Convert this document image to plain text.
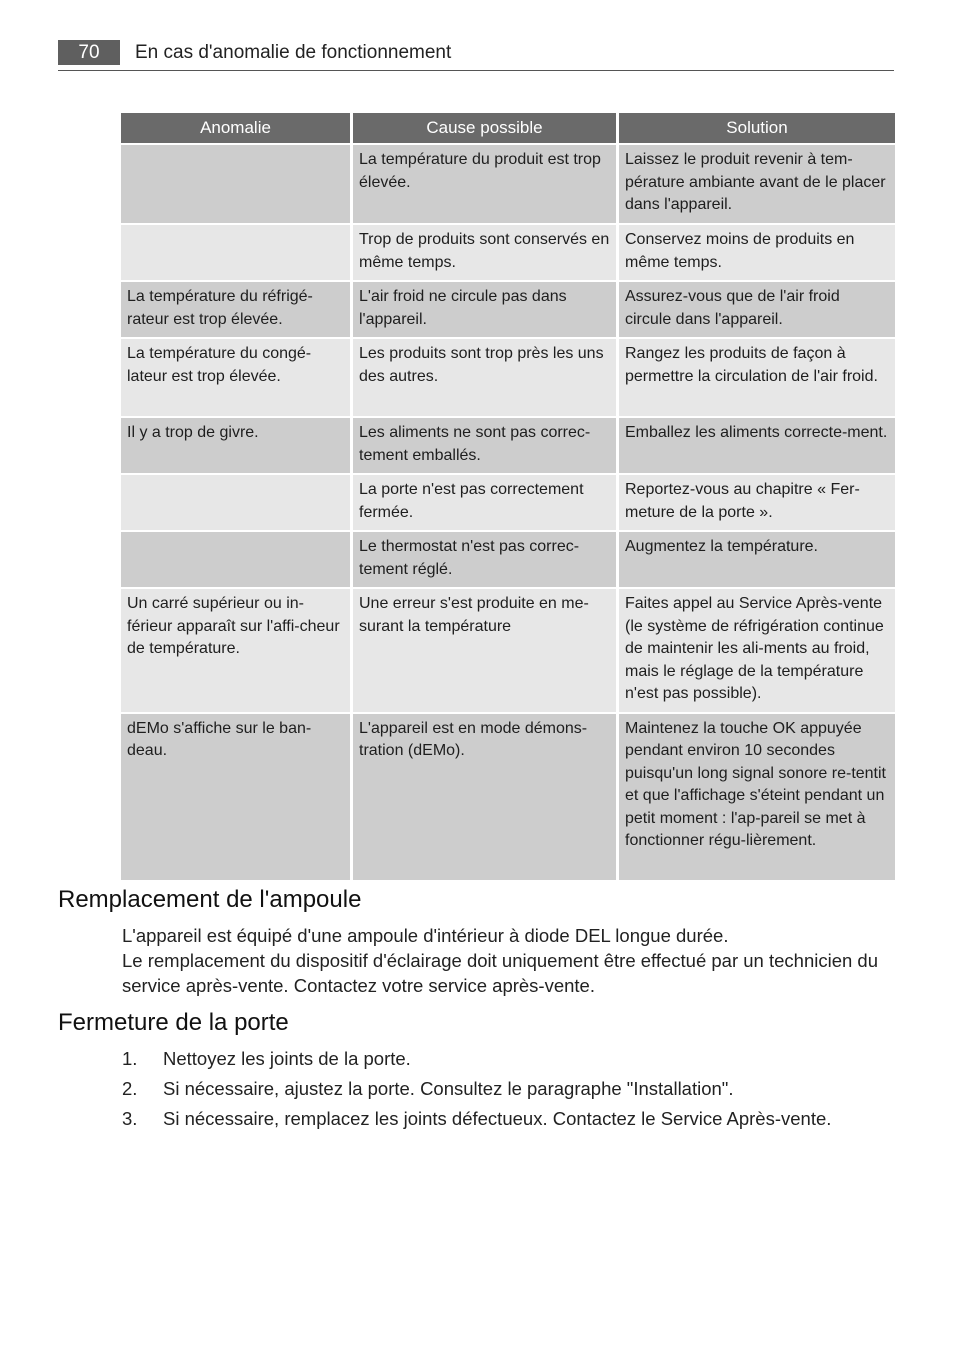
70	En cas d'anomalie de fonctionnement
Anomalie	Cause possible	Solution
	La température du produit est trop élevée.	Laissez le produit revenir à tem-pérature ambiante avant de le placer dans l'appareil.
	Trop de produits sont conservés en même temps.	Conservez moins de produits en même temps.
La température du réfrigé-rateur est trop élevée.	L'air froid ne circule pas dans l'appareil.	Assurez-vous que de l'air froid circule dans l'appareil.
La température du congé-lateur est trop élevée.	Les produits sont trop près les uns des autres.	Rangez les produits de façon à permettre la circulation de l'air froid.
Il y a trop de givre.	Les aliments ne sont pas correc-tement emballés.	Emballez les aliments correcte-ment.
	La porte n'est pas correctement fermée.	Reportez-vous au chapitre « Fer-meture de la porte ».
	Le thermostat n'est pas correc-tement réglé.	Augmentez la température.
Un carré supérieur ou in-férieur apparaît sur l'affi-cheur de température.	Une erreur s'est produite en me-surant la température	Faites appel au Service Après-vente (le système de réfrigération continue de maintenir les ali-ments au froid, mais le réglage de la température n'est pas possible).
dEMo s'affiche sur le ban-deau.	L'appareil est en mode démons-tration (dEMo).	Maintenez la touche OK appuyée pendant environ 10 secondes puisqu'un long signal sonore re-tentit et que l'affichage s'éteint pendant un petit moment : l'ap-pareil se met à fonctionner régu-lièrement.
Remplacement de l'ampoule

L'appareil est équipé d'une ampoule d'intérieur à diode DEL longue durée.

Le remplacement du dispositif d'éclairage doit uniquement être effectué par un technicien du service après-vente. Contactez votre service après-vente.

Fermeture de la porte
1. Nettoyez les joints de la porte.
2. Si nécessaire, ajustez la porte. Consultez le paragraphe "Installation".
3. Si nécessaire, remplacez les joints défectueux. Contactez le Service Après-vente.
